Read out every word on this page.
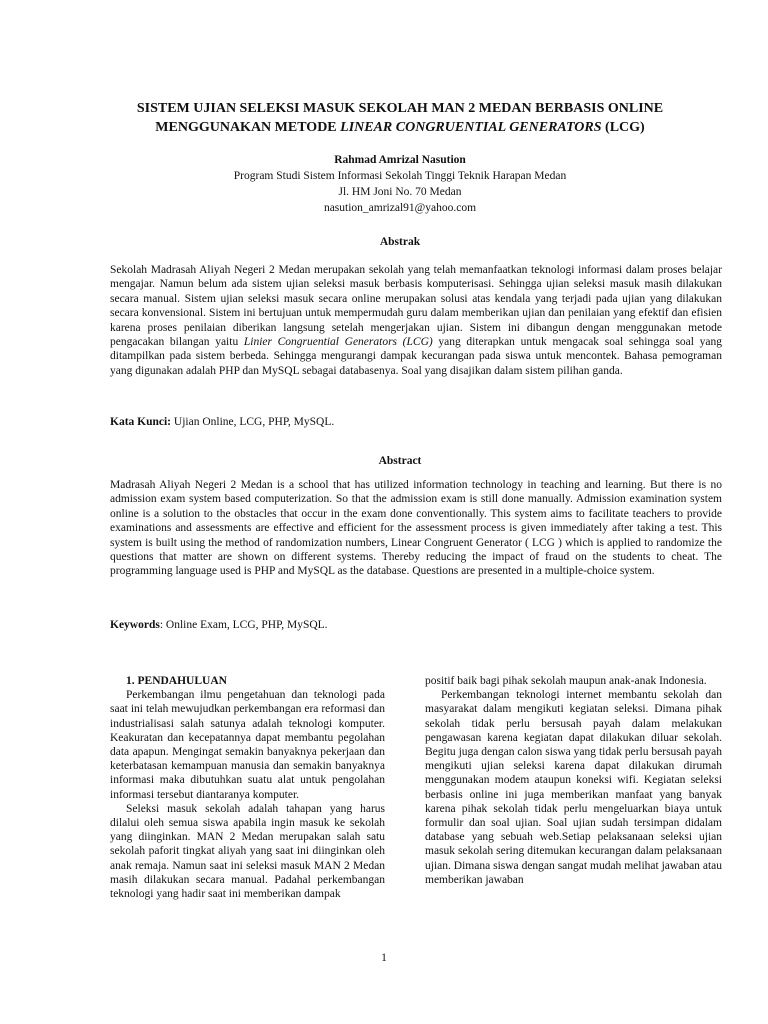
SISTEM UJIAN SELEKSI MASUK SEKOLAH MAN 2 MEDAN BERBASIS ONLINE
MENGGUNAKAN METODE LINEAR CONGRUENTIAL GENERATORS (LCG)
Rahmad Amrizal Nasution
Program Studi Sistem Informasi Sekolah Tinggi Teknik Harapan Medan
Jl. HM Joni No. 70 Medan
nasution_amrizal91@yahoo.com
Abstrak
Sekolah Madrasah Aliyah Negeri 2 Medan merupakan sekolah yang telah memanfaatkan teknologi informasi dalam proses belajar mengajar. Namun belum ada sistem ujian seleksi masuk berbasis komputerisasi. Sehingga ujian seleksi masuk masih dilakukan secara manual. Sistem ujian seleksi masuk secara online merupakan solusi atas kendala yang terjadi pada ujian yang dilakukan secara konvensional. Sistem ini bertujuan untuk mempermudah guru dalam memberikan ujian dan penilaian yang efektif dan efisien karena proses penilaian diberikan langsung setelah mengerjakan ujian. Sistem ini dibangun dengan menggunakan metode pengacakan bilangan yaitu Linier Congruential Generators (LCG) yang diterapkan untuk mengacak soal sehingga soal yang ditampilkan pada sistem berbeda. Sehingga mengurangi dampak kecurangan pada siswa untuk mencontek. Bahasa pemograman yang digunakan adalah PHP dan MySQL sebagai databasenya. Soal yang disajikan dalam sistem pilihan ganda.
Kata Kunci: Ujian Online, LCG, PHP, MySQL.
Abstract
Madrasah Aliyah Negeri 2 Medan is a school that has utilized information technology in teaching and learning. But there is no admission exam system based computerization. So that the admission exam is still done manually. Admission examination system online is a solution to the obstacles that occur in the exam done conventionally. This system aims to facilitate teachers to provide examinations and assessments are effective and efficient for the assessment process is given immediately after taking a test. This system is built using the method of randomization numbers, Linear Congruent Generator ( LCG ) which is applied to randomize the questions that matter are shown on different systems. Thereby reducing the impact of fraud on the students to cheat. The programming language used is PHP and MySQL as the database. Questions are presented in a multiple-choice system.
Keywords: Online Exam, LCG, PHP, MySQL.

1. PENDAHULUAN

Perkembangan ilmu pengetahuan dan teknologi pada saat ini telah mewujudkan perkembangan era reformasi dan industrialisasi salah satunya adalah teknologi komputer. Keakuratan dan kecepatannya dapat membantu pegolahan data apapun. Mengingat semakin banyaknya pekerjaan dan keterbatasan kemampuan manusia dan semakin banyaknya informasi maka dibutuhkan suatu alat untuk pengolahan informasi tersebut diantaranya komputer.

Seleksi masuk sekolah adalah tahapan yang harus dilalui oleh semua siswa apabila ingin masuk ke sekolah yang diinginkan. MAN 2 Medan merupakan salah satu sekolah paforit tingkat aliyah yang saat ini diinginkan oleh anak remaja. Namun saat ini seleksi masuk MAN 2 Medan masih dilakukan secara manual. Padahal perkembangan teknologi yang hadir saat ini memberikan dampak

positif baik bagi pihak sekolah maupun anak-anak Indonesia.

Perkembangan teknologi internet membantu sekolah dan masyarakat dalam mengikuti kegiatan seleksi. Dimana pihak sekolah tidak perlu bersusah payah dalam melakukan pengawasan karena kegiatan dapat dilakukan diluar sekolah. Begitu juga dengan calon siswa yang tidak perlu bersusah payah mengikuti ujian seleksi karena dapat dilakukan dirumah menggunakan modem ataupun koneksi wifi. Kegiatan seleksi berbasis online ini juga memberikan manfaat yang banyak karena pihak sekolah tidak perlu mengeluarkan biaya untuk formulir dan soal ujian. Soal ujian sudah tersimpan didalam database yang sebuah web.Setiap pelaksanaan seleksi ujian masuk sekolah sering ditemukan kecurangan dalam pelaksanaan ujian. Dimana siswa dengan sangat mudah melihat jawaban atau memberikan jawaban

1
